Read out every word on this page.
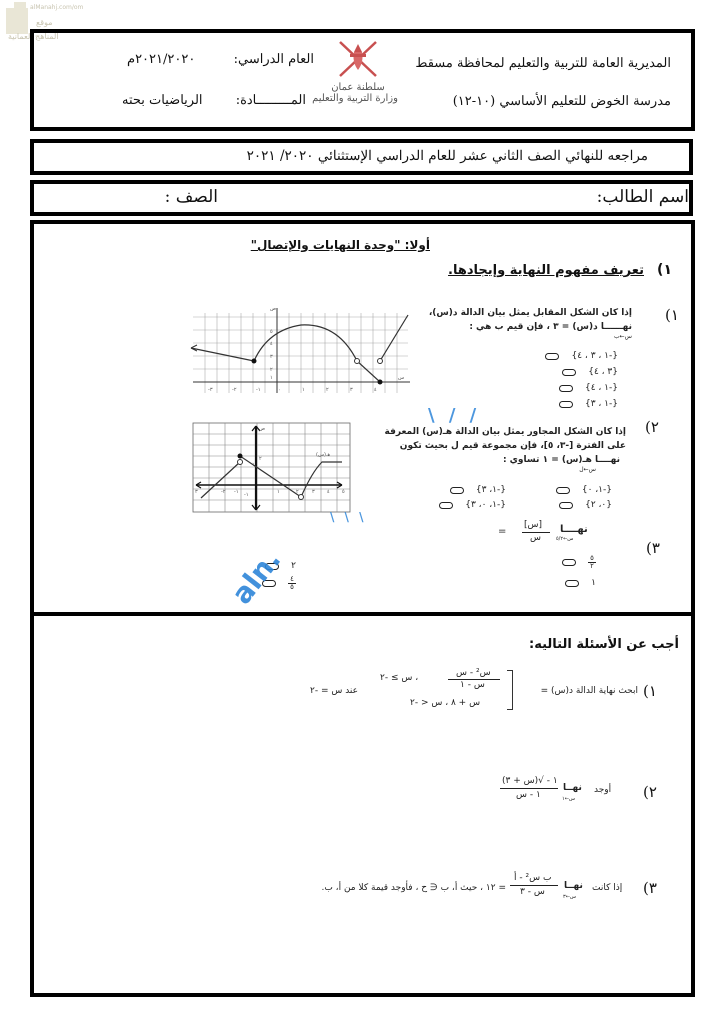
alManahj.com/om
موقع
المناهج العمانية
المديرية العامة للتربية والتعليم لمحافظة مسقط
مدرسة الخوض للتعليم الأساسي (١٠-١٢)
سلطنة عمان
وزارة التربية والتعليم
العام الدراسي:
٢٠٢١/٢٠٢٠م
المـــــــــادة:
الرياضيات بحته
مراجعه للنهائي الصف الثاني عشر للعام الدراسي الإستثنائي ٢٠٢٠/ ٢٠٢١
اسم الطالب:
الصف :
أولا: "وحدة النهايات والإتصال"
١)
تعريف مفهوم النهاية وإيجادها.
(١
إذا كان الشكل المقابل يمثل بيان الدالة د(س)،
نهــــــا د(س) = ٣ ، فإن قيم ب هي :
س←ب
{-١ ، ٣ ، ٤}
{٣ ، ٤}
{-١ ، ٤}
{-١ ، ٣}
-٣	-٢	-١	٠	١	٢	٣	٤
٥
٤
٣
٢
١
ص
س
(٢
إذا كان الشكل المجاور يمثل بيان الدالة هـ(س) المعرفة
على الفترة [-٣، ٥]، فإن مجموعة قيم ل بحيث تكون
نهــــا هـ(س) = ١ تساوي :
س←ل
{-١، ٠}
{-١، ٣}
{٠، ٢}
{-١، ٠، ٣}
٣	-٢ -١ -١	١	٢	٣ ٤ ٥
٢
١
ص
هـ(س)
(٣
نهــــا
س←٥/٢
[س]
س
=
٥
٢
١
٢
٤
٥
\ / /
\ \ \
aln.
أجب عن الأسئلة التاليه:
(١
ابحث نهاية الدالة د(س) =
س² - س
س - ١
، س ≥ -٢
س + ٨ ، س < -٢
عند س = -٢
(٢
أوجد
نهــا
س←١
١ - √(س + ٣)
١ - س
(٣
إذا كانت
نهــا
س←٣
ب س² - أ
س - ٣
= ١٢ ، حيث أ، ب ∈ ح ، فأوجد قيمة كلا من أ، ب.
